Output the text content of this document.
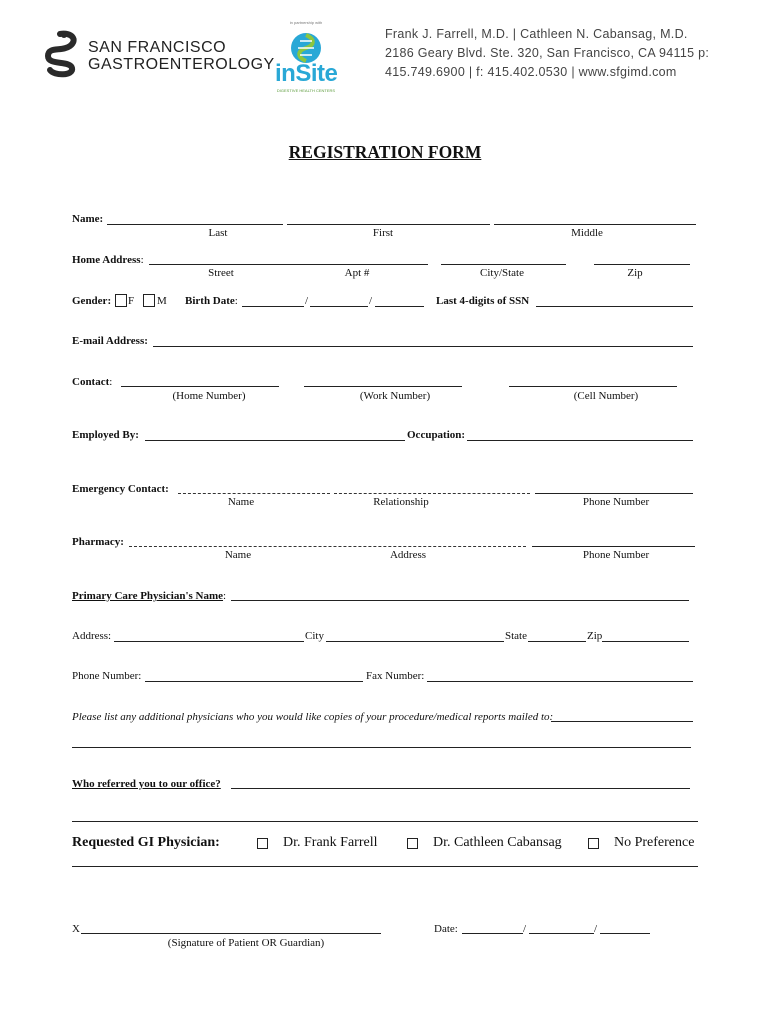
SAN FRANCISCO
GASTROENTEROLOGY
in partnership with
inSite
DIGESTIVE HEALTH CENTERS
Frank J. Farrell, M.D. | Cathleen N. Cabansag, M.D.
2186 Geary Blvd. Ste. 320, San Francisco, CA 94115 p:
415.749.6900 | f: 415.402.0530 | www.sfgimd.com
REGISTRATION FORM
Name:
Last	First	Middle
Home Address:
Street	Apt #	City/State	Zip
Gender: F M Birth Date:	/	/	Last 4-digits of SSN
E-mail Address:
Contact:
(Home Number)	(Work Number)	(Cell Number)
Employed By:	Occupation:
Emergency Contact:
Name	Relationship	Phone Number
Pharmacy:
Name	Address	Phone Number
Primary Care Physician's Name:
Address:	City	State	Zip
Phone Number:	Fax Number:
Please list any additional physicians who you would like copies of your procedure/medical reports mailed to:
Who referred you to our office?
Requested GI Physician:	Dr. Frank Farrell	Dr. Cathleen Cabansag	No Preference
X
(Signature of Patient OR Guardian)
Date:	/	/
